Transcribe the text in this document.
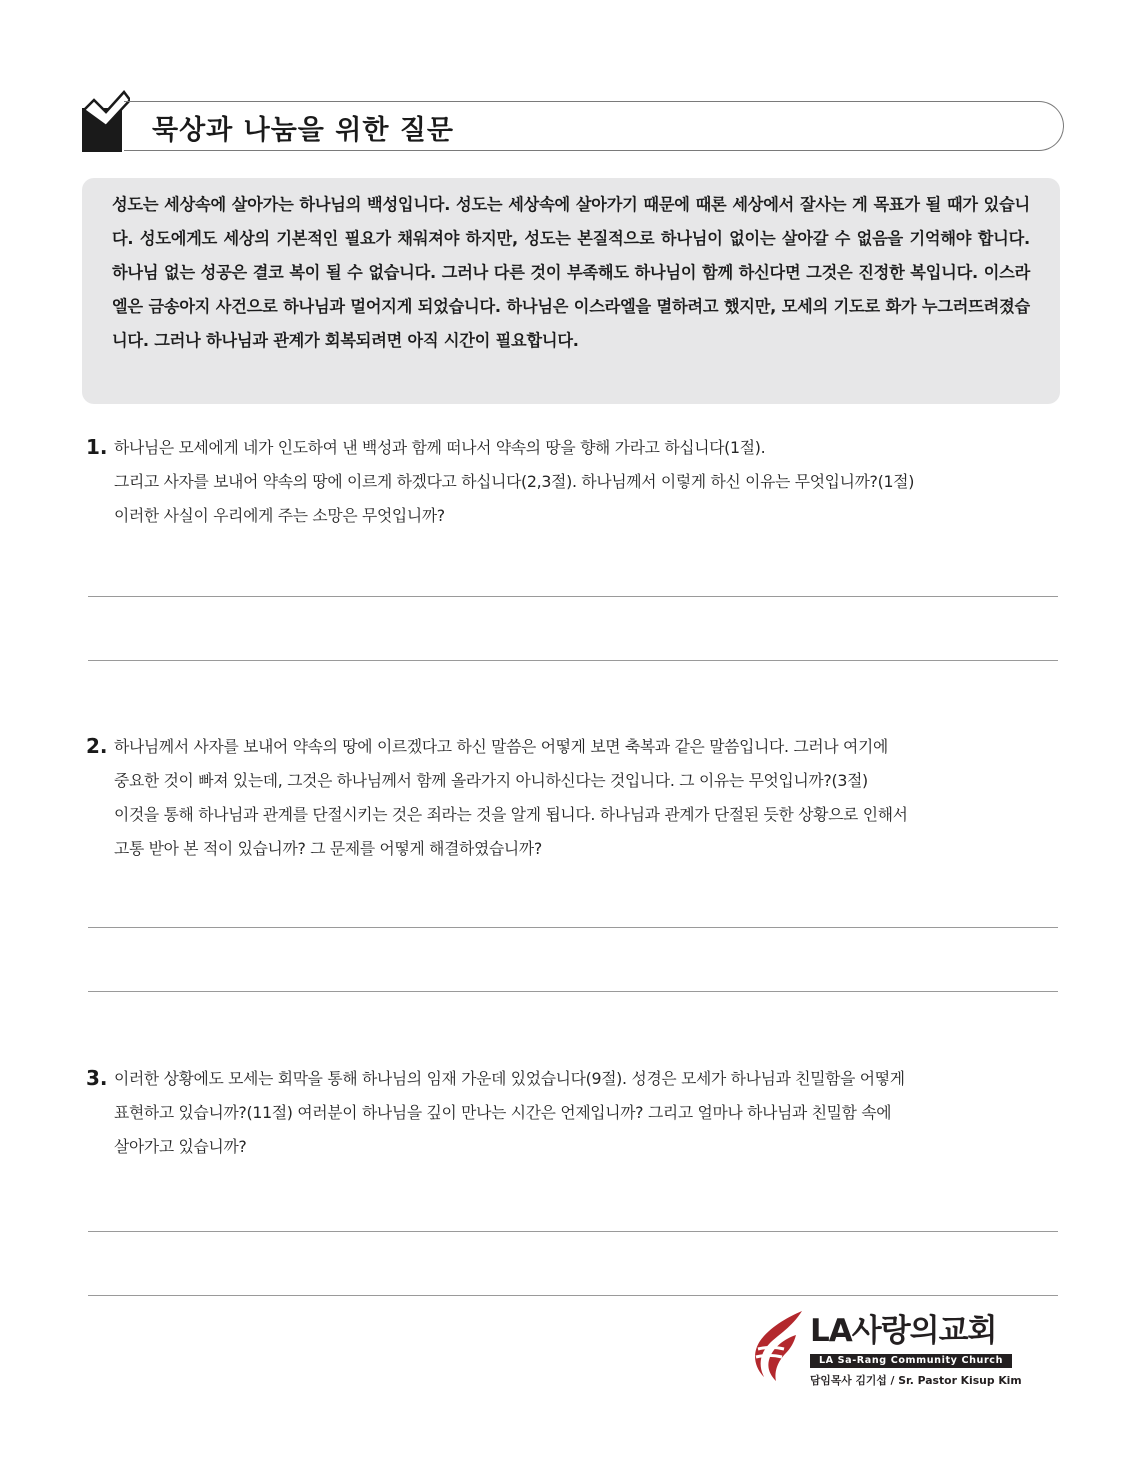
묵상과 나눔을 위한 질문

성도는 세상속에 살아가는 하나님의 백성입니다. 성도는 세상속에 살아가기 때문에 때론 세상에서 잘사는 게 목표가 될 때가 있습니다. 성도에게도 세상의 기본적인 필요가 채워져야 하지만, 성도는 본질적으로 하나님이 없이는 살아갈 수 없음을 기억해야 합니다. 하나님 없는 성공은 결코 복이 될 수 없습니다. 그러나 다른 것이 부족해도 하나님이 함께 하신다면 그것은 진정한 복입니다. 이스라엘은 금송아지 사건으로 하나님과 멀어지게 되었습니다. 하나님은 이스라엘을 멸하려고 했지만, 모세의 기도로 화가 누그러뜨려졌습니다. 그러나 하나님과 관계가 회복되려면 아직 시간이 필요합니다.

1. 하나님은 모세에게 네가 인도하여 낸 백성과 함께 떠나서 약속의 땅을 향해 가라고 하십니다(1절).
그리고 사자를 보내어 약속의 땅에 이르게 하겠다고 하십니다(2,3절). 하나님께서 이렇게 하신 이유는 무엇입니까?(1절)
이러한 사실이 우리에게 주는 소망은 무엇입니까?
2. 하나님께서 사자를 보내어 약속의 땅에 이르겠다고 하신 말씀은 어떻게 보면 축복과 같은 말씀입니다. 그러나 여기에
중요한 것이 빠져 있는데, 그것은 하나님께서 함께 올라가지 아니하신다는 것입니다. 그 이유는 무엇입니까?(3절)
이것을 통해 하나님과 관계를 단절시키는 것은 죄라는 것을 알게 됩니다. 하나님과 관계가 단절된 듯한 상황으로 인해서
고통 받아 본 적이 있습니까? 그 문제를 어떻게 해결하였습니까?
3. 이러한 상황에도 모세는 회막을 통해 하나님의 임재 가운데 있었습니다(9절). 성경은 모세가 하나님과 친밀함을 어떻게
표현하고 있습니까?(11절) 여러분이 하나님을 깊이 만나는 시간은 언제입니까? 그리고 얼마나 하나님과 친밀함 속에
살아가고 있습니까?
LA사랑의교회
LA Sa-Rang Community Church
담임목사 김기섭 / Sr. Pastor Kisup Kim
